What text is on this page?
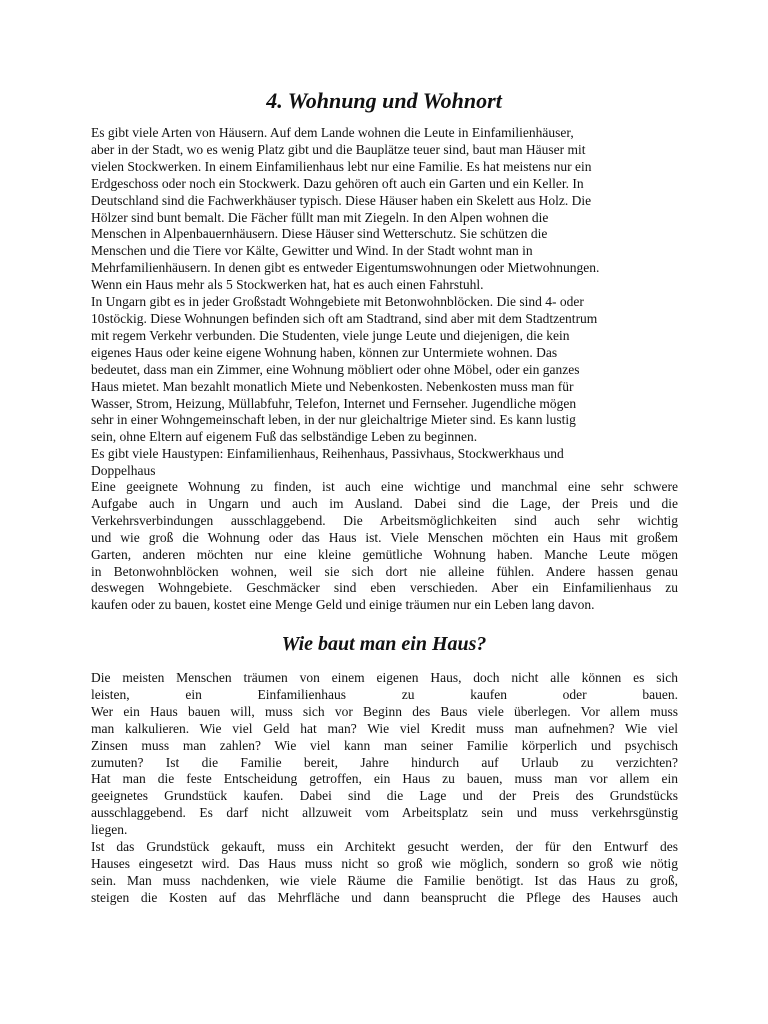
4. Wohnung und Wohnort

Es gibt viele Arten von Häusern. Auf dem Lande wohnen die Leute in Einfamilienhäuser,
aber in der Stadt, wo es wenig Platz gibt und die Bauplätze teuer sind, baut man Häuser mit
vielen Stockwerken. In einem Einfamilienhaus lebt nur eine Familie. Es hat meistens nur ein
Erdgeschoss oder noch ein Stockwerk. Dazu gehören oft auch ein Garten und ein Keller. In
Deutschland sind die Fachwerkhäuser typisch. Diese Häuser haben ein Skelett aus Holz. Die
Hölzer sind bunt bemalt. Die Fächer füllt man mit Ziegeln. In den Alpen wohnen die
Menschen in Alpenbauernhäusern. Diese Häuser sind Wetterschutz. Sie schützen die
Menschen und die Tiere vor Kälte, Gewitter und Wind. In der Stadt wohnt man in
Mehrfamilienhäusern. In denen gibt es entweder Eigentumswohnungen oder Mietwohnungen.
Wenn ein Haus mehr als 5 Stockwerken hat, hat es auch einen Fahrstuhl.

In Ungarn gibt es in jeder Großstadt Wohngebiete mit Betonwohnblöcken. Die sind 4- oder
10stöckig. Diese Wohnungen befinden sich oft am Stadtrand, sind aber mit dem Stadtzentrum
mit regem Verkehr verbunden. Die Studenten, viele junge Leute und diejenigen, die kein
eigenes Haus oder keine eigene Wohnung haben, können zur Untermiete wohnen. Das
bedeutet, dass man ein Zimmer, eine Wohnung möbliert oder ohne Möbel, oder ein ganzes
Haus mietet. Man bezahlt monatlich Miete und Nebenkosten. Nebenkosten muss man für
Wasser, Strom, Heizung, Müllabfuhr, Telefon, Internet und Fernseher. Jugendliche mögen
sehr in einer Wohngemeinschaft leben, in der nur gleichaltrige Mieter sind. Es kann lustig
sein, ohne Eltern auf eigenem Fuß das selbständige Leben zu beginnen.

Es gibt viele Haustypen: Einfamilienhaus, Reihenhaus, Passivhaus, Stockwerkhaus und
Doppelhaus

Eine geeignete Wohnung zu finden, ist auch eine wichtige und manchmal eine sehr schwere
Aufgabe auch in Ungarn und auch im Ausland. Dabei sind die Lage, der Preis und die
Verkehrsverbindungen ausschlaggebend. Die Arbeitsmöglichkeiten sind auch sehr wichtig
und wie groß die Wohnung oder das Haus ist. Viele Menschen möchten ein Haus mit großem
Garten, anderen möchten nur eine kleine gemütliche Wohnung haben. Manche Leute mögen
in Betonwohnblöcken wohnen, weil sie sich dort nie alleine fühlen. Andere hassen genau
deswegen Wohngebiete. Geschmäcker sind eben verschieden. Aber ein Einfamilienhaus zu
kaufen oder zu bauen, kostet eine Menge Geld und einige träumen nur ein Leben lang davon.

Wie baut man ein Haus?

Die meisten Menschen träumen von einem eigenen Haus, doch nicht alle können es sich
leisten, ein Einfamilienhaus zu kaufen oder bauen.

Wer ein Haus bauen will, muss sich vor Beginn des Baus viele überlegen. Vor allem muss
man kalkulieren. Wie viel Geld hat man? Wie viel Kredit muss man aufnehmen? Wie viel
Zinsen muss man zahlen? Wie viel kann man seiner Familie körperlich und psychisch
zumuten? Ist die Familie bereit, Jahre hindurch auf Urlaub zu verzichten?
Hat man die feste Entscheidung getroffen, ein Haus zu bauen, muss man vor allem ein
geeignetes Grundstück kaufen. Dabei sind die Lage und der Preis des Grundstücks
ausschlaggebend. Es darf nicht allzuweit vom Arbeitsplatz sein und muss verkehrsgünstig
liegen.

Ist das Grundstück gekauft, muss ein Architekt gesucht werden, der für den Entwurf des
Hauses eingesetzt wird. Das Haus muss nicht so groß wie möglich, sondern so groß wie nötig
sein. Man muss nachdenken, wie viele Räume die Familie benötigt. Ist das Haus zu groß,
steigen die Kosten auf das Mehrfläche und dann beansprucht die Pflege des Hauses auch
